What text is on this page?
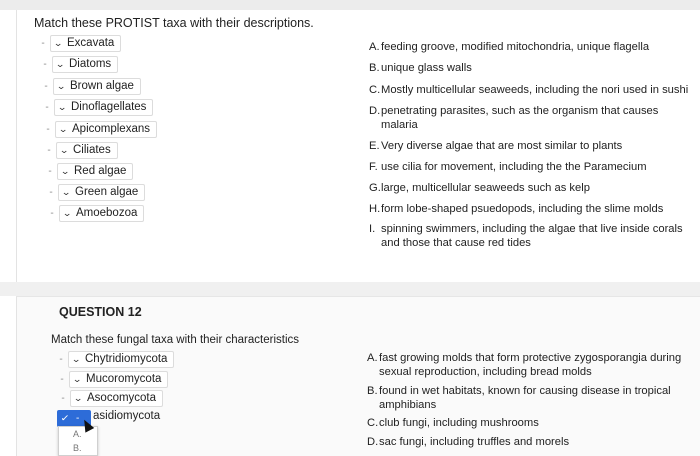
Match these PROTIST taxa with their descriptions.
- ⌄ Excavata
- ⌄ Diatoms
- ⌄ Brown algae
- ⌄ Dinoflagellates
- ⌄ Apicomplexans
- ⌄ Ciliates
- ⌄ Red algae
- ⌄ Green algae
- ⌄ Amoebozoa
A.feeding groove, modified mitochondria, unique flagella
B.unique glass walls
C.Mostly multicellular seaweeds, including the nori used in sushi
D.penetrating parasites, such as the organism that causes
malaria
E.Very diverse algae that are most similar to plants
F. use cilia for movement, including the the Paramecium
G.large, multicellular seaweeds such as kelp
H.form lobe-shaped psuedopods, including the slime molds
I. spinning swimmers, including the algae that live inside corals
and those that cause red tides
QUESTION 12
Match these fungal taxa with their characteristics
- ⌄ Chytridiomycota
- ⌄ Mucoromycota
- ⌄ Asocomycota
✓ - asidiomycota
A.
B.
A.fast growing molds that form protective zygosporangia during
sexual reproduction, including bread molds
B.found in wet habitats, known for causing disease in tropical
amphibians
C.club fungi, including mushrooms
D.sac fungi, including truffles and morels
